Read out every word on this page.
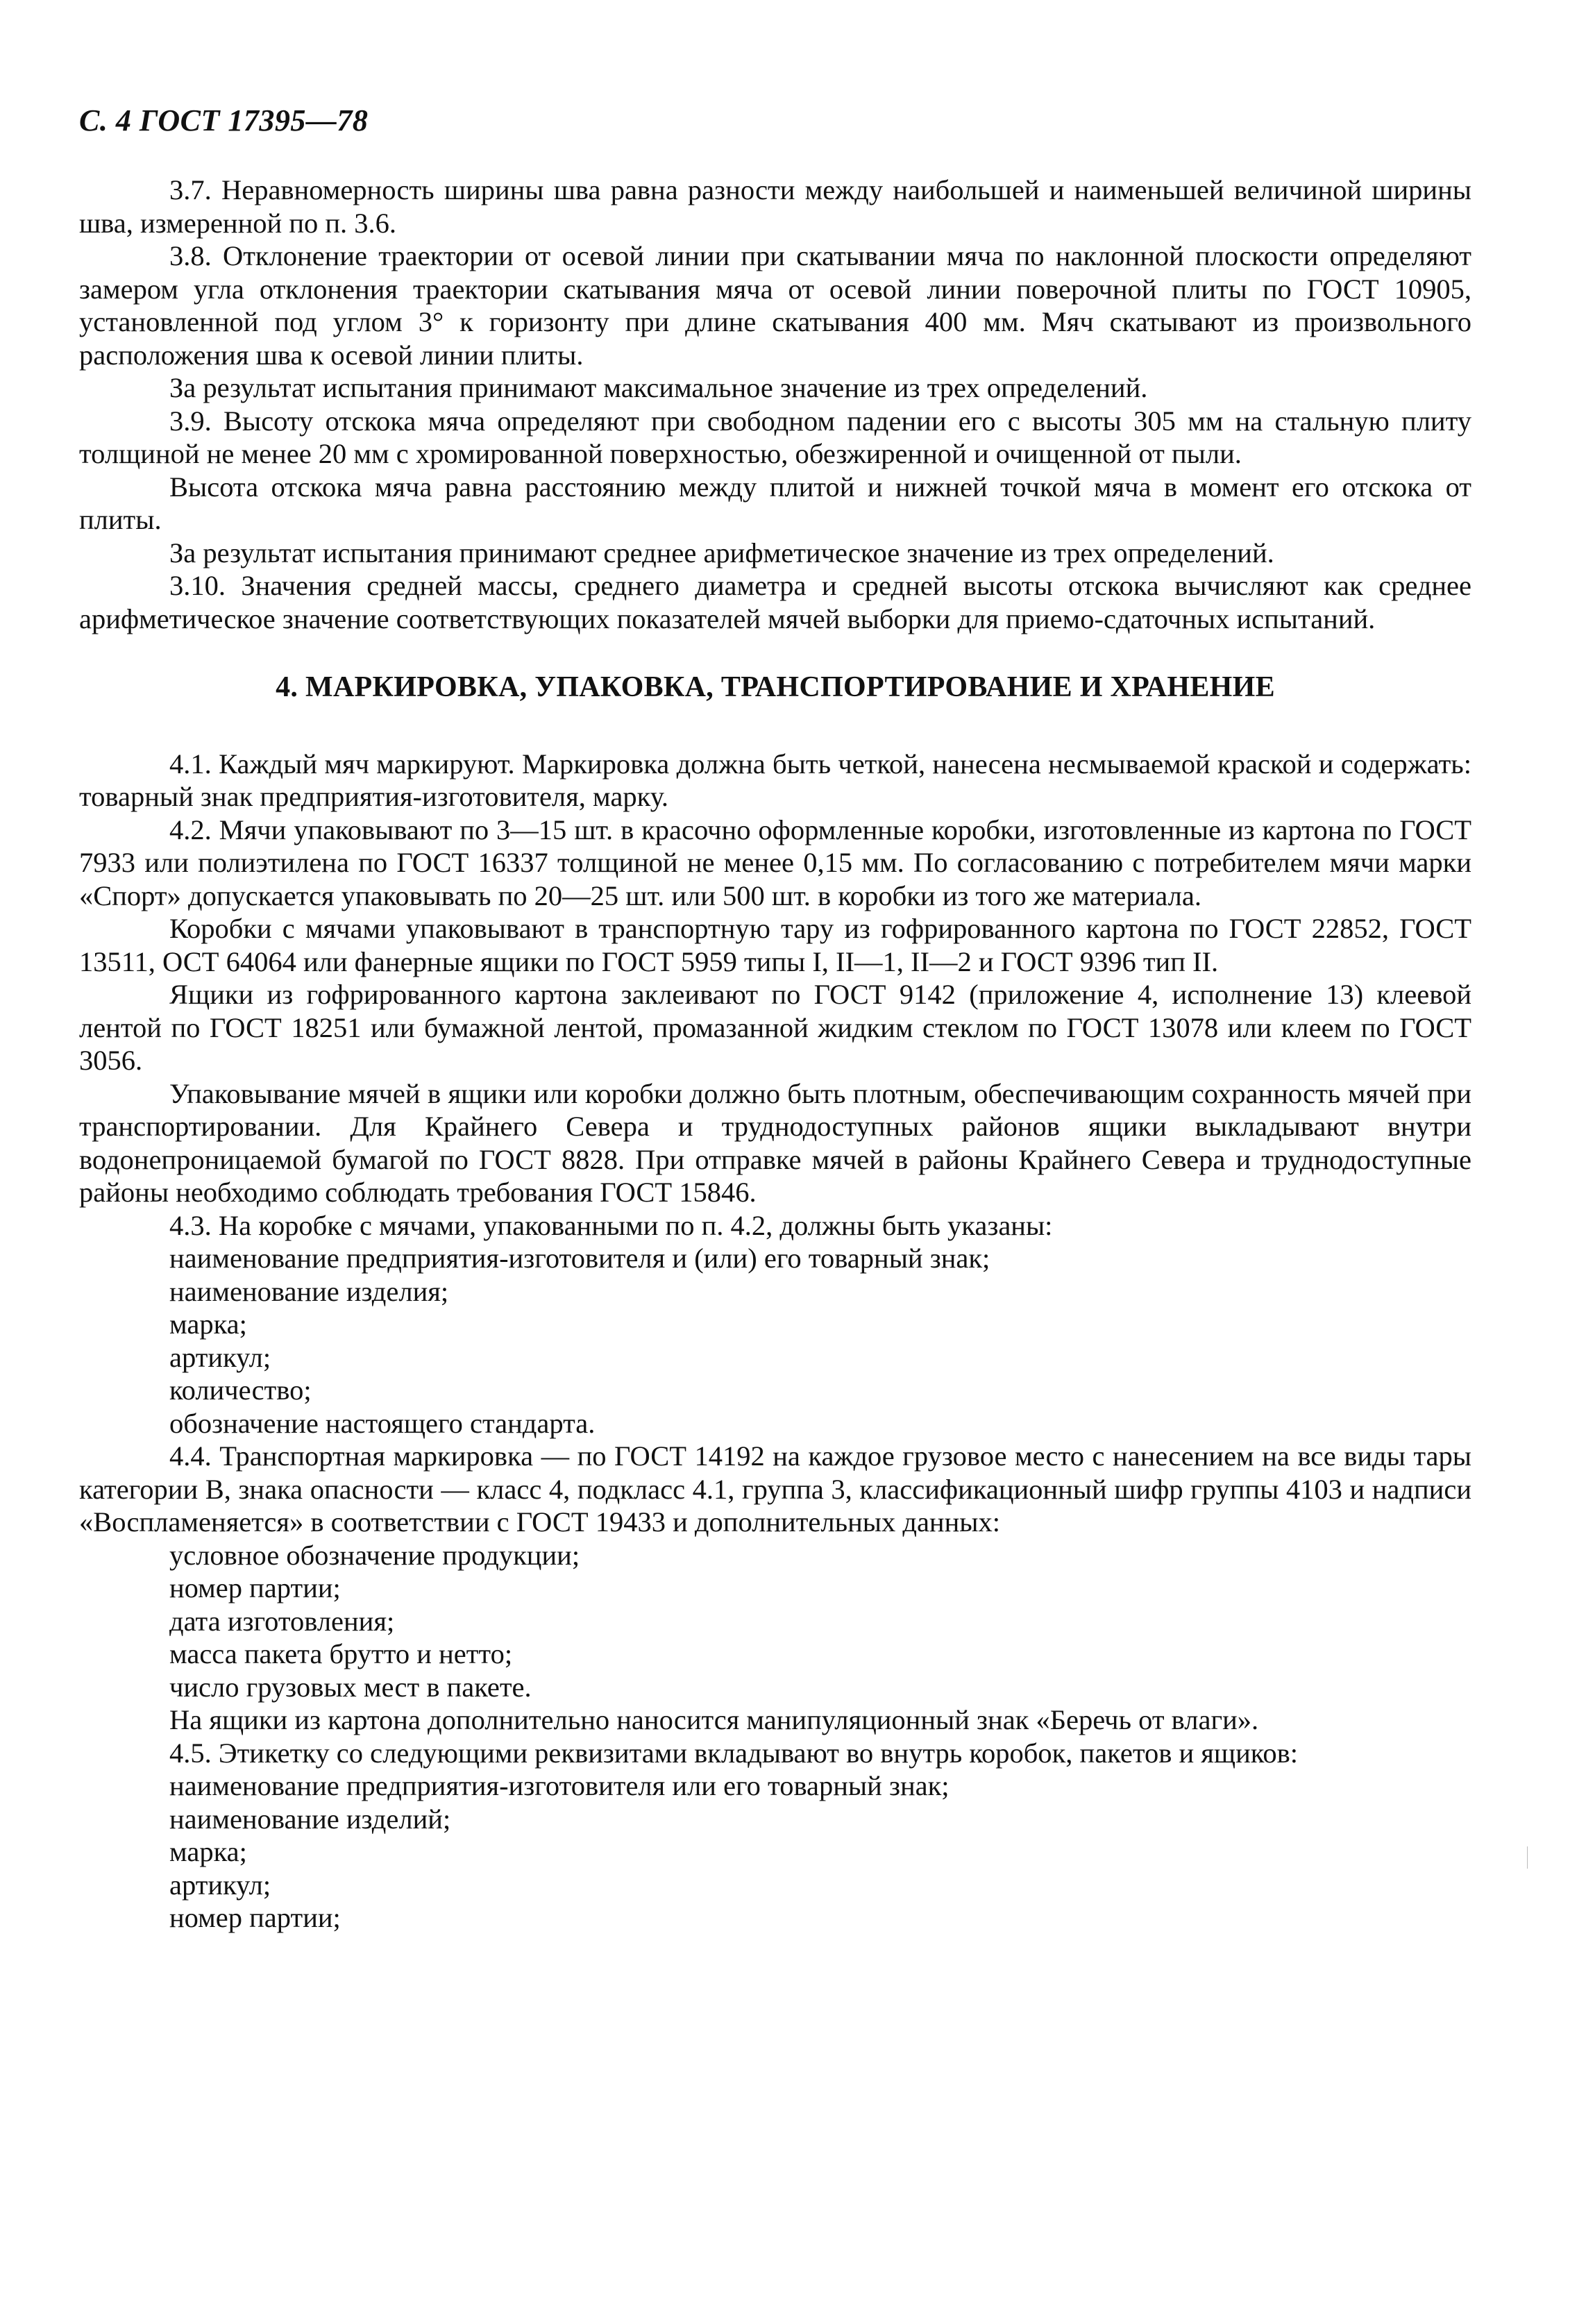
С. 4 ГОСТ 17395—78

3.7. Неравномерность ширины шва равна разности между наибольшей и наименьшей величиной ширины шва, измеренной по п. 3.6.

3.8. Отклонение траектории от осевой линии при скатывании мяча по наклонной плоскости определяют замером угла отклонения траектории скатывания мяча от осевой линии поверочной плиты по ГОСТ 10905, установленной под углом 3° к горизонту при длине скатывания 400 мм. Мяч скатывают из произвольного расположения шва к осевой линии плиты.

За результат испытания принимают максимальное значение из трех определений.

3.9. Высоту отскока мяча определяют при свободном падении его с высоты 305 мм на стальную плиту толщиной не менее 20 мм с хромированной поверхностью, обезжиренной и очищенной от пыли.

Высота отскока мяча равна расстоянию между плитой и нижней точкой мяча в момент его отскока от плиты.

За результат испытания принимают среднее арифметическое значение из трех определений.

3.10. Значения средней массы, среднего диаметра и средней высоты отскока вычисляют как среднее арифметическое значение соответствующих показателей мячей выборки для приемо-сдаточных испытаний.

4. МАРКИРОВКА, УПАКОВКА, ТРАНСПОРТИРОВАНИЕ И ХРАНЕНИЕ

4.1. Каждый мяч маркируют. Маркировка должна быть четкой, нанесена несмываемой краской и содержать: товарный знак предприятия-изготовителя, марку.

4.2. Мячи упаковывают по 3—15 шт. в красочно оформленные коробки, изготовленные из картона по ГОСТ 7933 или полиэтилена по ГОСТ 16337 толщиной не менее 0,15 мм. По согласованию с потребителем мячи марки «Спорт» допускается упаковывать по 20—25 шт. или 500 шт. в коробки из того же материала.

Коробки с мячами упаковывают в транспортную тару из гофрированного картона по ГОСТ 22852, ГОСТ 13511, ОСТ 64064 или фанерные ящики по ГОСТ 5959 типы I, II—1, II—2 и ГОСТ 9396 тип II.

Ящики из гофрированного картона заклеивают по ГОСТ 9142 (приложение 4, исполнение 13) клеевой лентой по ГОСТ 18251 или бумажной лентой, промазанной жидким стеклом по ГОСТ 13078 или клеем по ГОСТ 3056.

Упаковывание мячей в ящики или коробки должно быть плотным, обеспечивающим сохранность мячей при транспортировании. Для Крайнего Севера и труднодоступных районов ящики выкладывают внутри водонепроницаемой бумагой по ГОСТ 8828. При отправке мячей в районы Крайнего Севера и труднодоступные районы необходимо соблюдать требования ГОСТ 15846.

4.3. На коробке с мячами, упакованными по п. 4.2, должны быть указаны:

наименование предприятия-изготовителя и (или) его товарный знак;

наименование изделия;

марка;

артикул;

количество;

обозначение настоящего стандарта.

4.4. Транспортная маркировка — по ГОСТ 14192 на каждое грузовое место с нанесением на все виды тары категории В, знака опасности — класс 4, подкласс 4.1, группа 3, классификационный шифр группы 4103 и надписи «Воспламеняется» в соответствии с ГОСТ 19433 и дополнительных данных:

условное обозначение продукции;

номер партии;

дата изготовления;

масса пакета брутто и нетто;

число грузовых мест в пакете.

На ящики из картона дополнительно наносится манипуляционный знак «Беречь от влаги».

4.5. Этикетку со следующими реквизитами вкладывают во внутрь коробок, пакетов и ящиков:

наименование предприятия-изготовителя или его товарный знак;

наименование изделий;

марка;

артикул;

номер партии;
